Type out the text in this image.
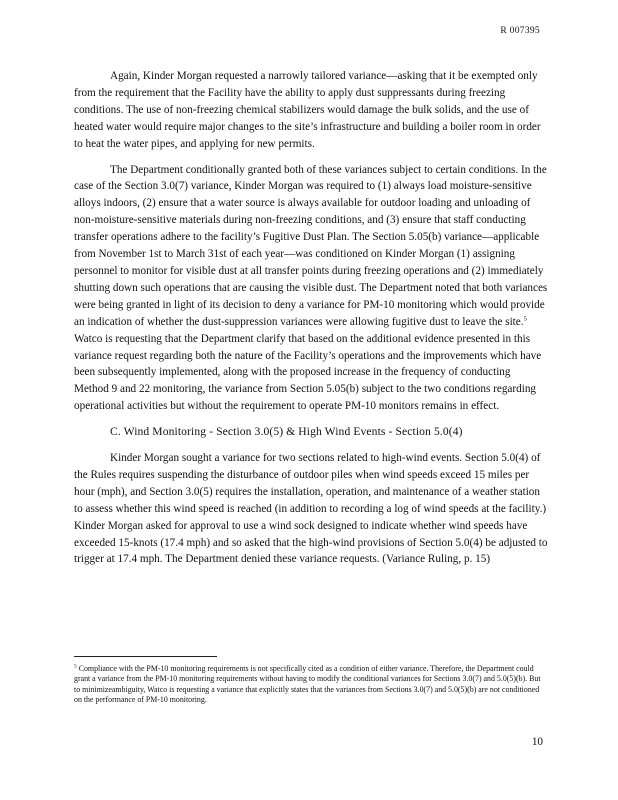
R 007395

Again, Kinder Morgan requested a narrowly tailored variance—asking that it be exempted only from the requirement that the Facility have the ability to apply dust suppressants during freezing conditions. The use of non-freezing chemical stabilizers would damage the bulk solids, and the use of heated water would require major changes to the site’s infrastructure and building a boiler room in order to heat the water pipes, and applying for new permits.

The Department conditionally granted both of these variances subject to certain conditions. In the case of the Section 3.0(7) variance, Kinder Morgan was required to (1) always load moisture-sensitive alloys indoors, (2) ensure that a water source is always available for outdoor loading and unloading of non-moisture-sensitive materials during non-freezing conditions, and (3) ensure that staff conducting transfer operations adhere to the facility’s Fugitive Dust Plan. The Section 5.05(b) variance—applicable from November 1st to March 31st of each year—was conditioned on Kinder Morgan (1) assigning personnel to monitor for visible dust at all transfer points during freezing operations and (2) immediately shutting down such operations that are causing the visible dust. The Department noted that both variances were being granted in light of its decision to deny a variance for PM-10 monitoring which would provide an indication of whether the dust-suppression variances were allowing fugitive dust to leave the site.$^5$ Watco is requesting that the Department clarify that based on the additional evidence presented in this variance request regarding both the nature of the Facility’s operations and the improvements which have been subsequently implemented, along with the proposed increase in the frequency of conducting Method 9 and 22 monitoring, the variance from Section 5.05(b) subject to the two conditions regarding operational activities but without the requirement to operate PM-10 monitors remains in effect.

C. Wind Monitoring - Section 3.0(5) & High Wind Events - Section 5.0(4)

Kinder Morgan sought a variance for two sections related to high-wind events. Section 5.0(4) of the Rules requires suspending the disturbance of outdoor piles when wind speeds exceed 15 miles per hour (mph), and Section 3.0(5) requires the installation, operation, and maintenance of a weather station to assess whether this wind speed is reached (in addition to recording a log of wind speeds at the facility.) Kinder Morgan asked for approval to use a wind sock designed to indicate whether wind speeds have exceeded 15-knots (17.4 mph) and so asked that the high-wind provisions of Section 5.0(4) be adjusted to trigger at 17.4 mph. The Department denied these variance requests. (Variance Ruling, p. 15)

$^5$ Compliance with the PM-10 monitoring requirements is not specifically cited as a condition of either variance. Therefore, the Department could grant a variance from the PM-10 monitoring requirements without having to modify the conditional variances for Sections 3.0(7) and 5.0(5)(b). But to minimizeambiguity, Watco is requesting a variance that explicitly states that the variances from Sections 3.0(7) and 5.0(5)(b) are not conditioned on the performance of PM-10 monitoring.

10
